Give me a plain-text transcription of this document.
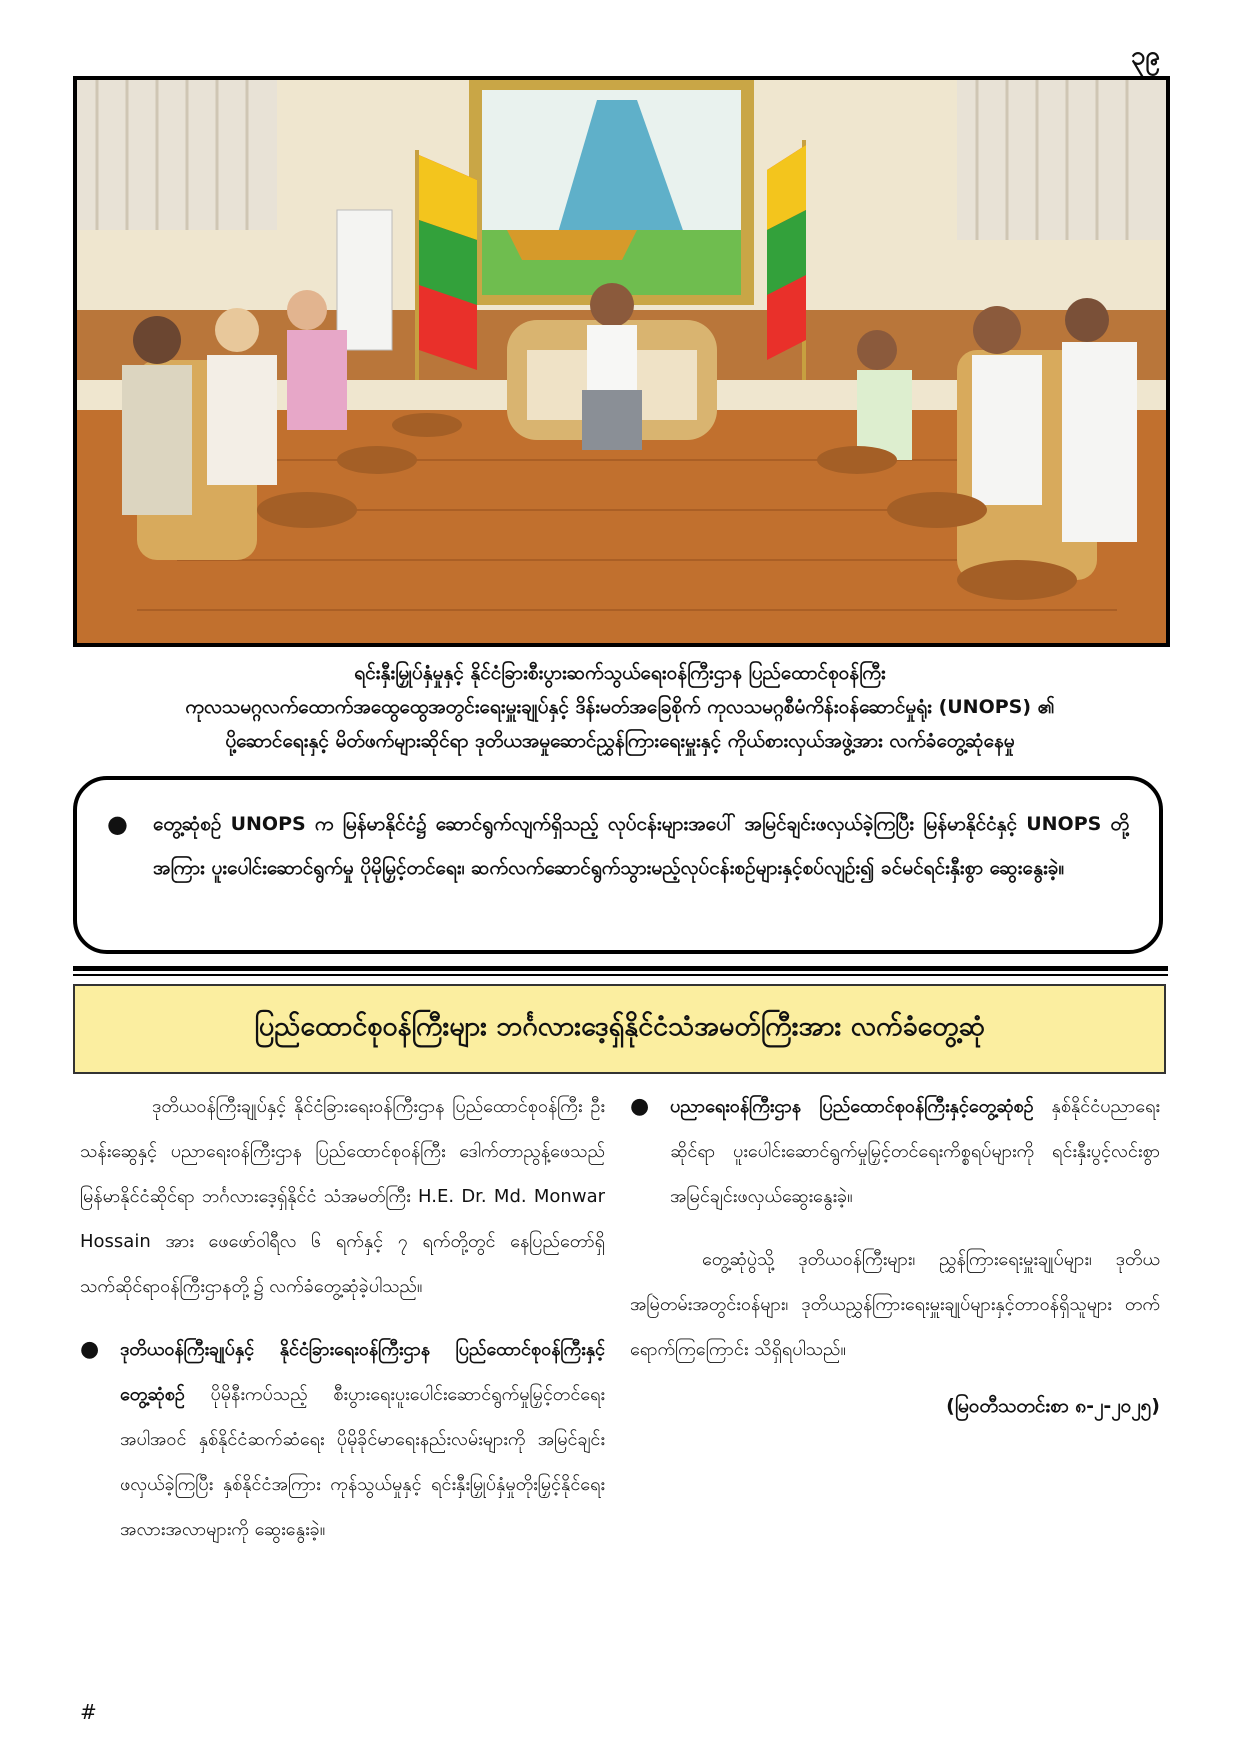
၃၉
ရင်းနှီးမြှုပ်နှံမှုနှင့် နိုင်ငံခြားစီးပွားဆက်သွယ်ရေးဝန်ကြီးဌာန ပြည်ထောင်စုဝန်ကြီး
ကုလသမဂ္ဂလက်ထောက်အထွေထွေအတွင်းရေးမှူးချုပ်နှင့် ဒိန်းမတ်အခြေစိုက် ကုလသမဂ္ဂစီမံကိန်းဝန်ဆောင်မှုရုံး (UNOPS) ၏
ပို့ဆောင်ရေးနှင့် မိတ်ဖက်များဆိုင်ရာ ဒုတိယအမှုဆောင်ညွှန်ကြားရေးမှူးနှင့် ကိုယ်စားလှယ်အဖွဲ့အား လက်ခံတွေ့ဆုံနေမှု
●	တွေ့ဆုံစဉ် UNOPS က မြန်မာနိုင်ငံ၌ ဆောင်ရွက်လျက်ရှိသည့် လုပ်ငန်းများအပေါ် အမြင်ချင်းဖလှယ်ခဲ့ကြပြီး မြန်မာနိုင်ငံနှင့် UNOPS တို့အကြား ပူးပေါင်းဆောင်ရွက်မှု ပိုမိုမြှင့်တင်ရေး၊ ဆက်လက်ဆောင်ရွက်သွားမည့်လုပ်ငန်းစဉ်များနှင့်စပ်လျဉ်း၍ ခင်မင်ရင်းနှီးစွာ ဆွေးနွေးခဲ့။
ပြည်ထောင်စုဝန်ကြီးများ ဘင်္ဂလားဒေ့ရှ်နိုင်ငံသံအမတ်ကြီးအား လက်ခံတွေ့ဆုံ

ဒုတိယဝန်ကြီးချုပ်နှင့် နိုင်ငံခြားရေးဝန်ကြီးဌာန ပြည်ထောင်စုဝန်ကြီး ဦးသန်းဆွေနှင့် ပညာရေးဝန်ကြီးဌာန ပြည်ထောင်စုဝန်ကြီး ဒေါက်တာညွန့်ဖေသည် မြန်မာနိုင်ငံဆိုင်ရာ ဘင်္ဂလားဒေ့ရှ်နိုင်ငံ သံအမတ်ကြီး H.E. Dr. Md. Monwar Hossain အား ဖေဖော်ဝါရီလ ၆ ရက်နှင့် ၇ ရက်တို့တွင် နေပြည်တော်ရှိ သက်ဆိုင်ရာဝန်ကြီးဌာနတို့၌ လက်ခံတွေ့ဆုံခဲ့ပါသည်။

●	ဒုတိယဝန်ကြီးချုပ်နှင့် နိုင်ငံခြားရေးဝန်ကြီးဌာန ပြည်ထောင်စုဝန်ကြီးနှင့်တွေ့ဆုံစဉ် ပိုမိုနီးကပ်သည့် စီးပွားရေးပူးပေါင်းဆောင်ရွက်မှုမြှင့်တင်ရေးအပါအဝင် နှစ်နိုင်ငံဆက်ဆံရေး ပိုမိုခိုင်မာရေးနည်းလမ်းများကို အမြင်ချင်းဖလှယ်ခဲ့ကြပြီး နှစ်နိုင်ငံအကြား ကုန်သွယ်မှုနှင့် ရင်းနှီးမြှုပ်နှံမှုတိုးမြှင့်နိုင်ရေး အလားအလာများကို ဆွေးနွေးခဲ့။
●	ပညာရေးဝန်ကြီးဌာန ပြည်ထောင်စုဝန်ကြီးနှင့်တွေ့ဆုံစဉ် နှစ်နိုင်ငံပညာရေးဆိုင်ရာ ပူးပေါင်းဆောင်ရွက်မှုမြှင့်တင်ရေးကိစ္စရပ်များကို ရင်းနှီးပွင့်လင်းစွာ အမြင်ချင်းဖလှယ်ဆွေးနွေးခဲ့။

တွေ့ဆုံပွဲသို့ ဒုတိယဝန်ကြီးများ၊ ညွှန်ကြားရေးမှူးချုပ်များ၊ ဒုတိယအမြဲတမ်းအတွင်းဝန်များ၊ ဒုတိယညွှန်ကြားရေးမှူးချုပ်များနှင့်တာဝန်ရှိသူများ တက်ရောက်ကြကြောင်း သိရှိရပါသည်။

(မြဝတီသတင်းစာ ၈-၂-၂၀၂၅)
#
